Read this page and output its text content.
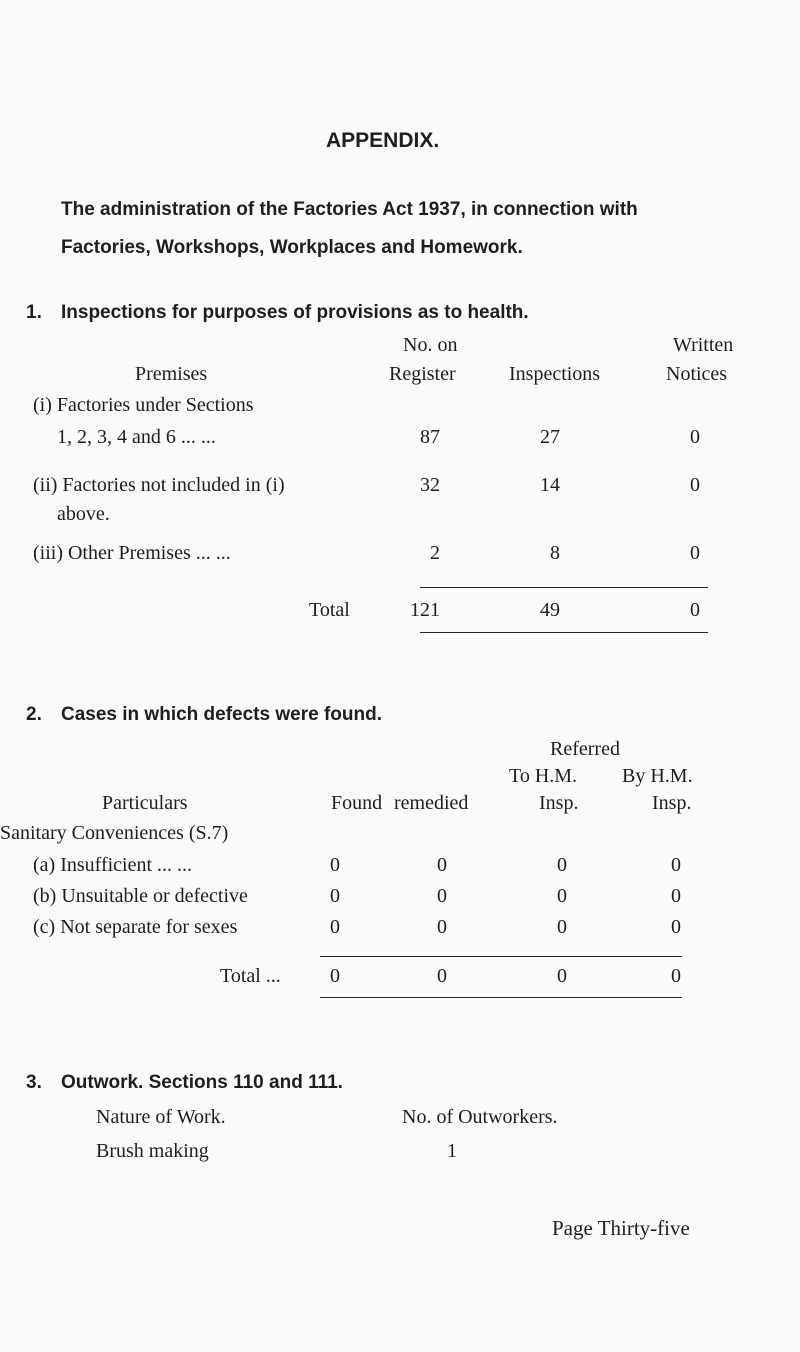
APPENDIX.
The administration of the Factories Act 1937, in connection with
Factories, Workshops, Workplaces and Homework.
1. Inspections for purposes of provisions as to health.
No. on	Written
Premises	Register	Inspections	Notices
(i) Factories under Sections
1, 2, 3, 4 and 6 ... ...	87	27	0
(ii) Factories not included in (i)
above.
32	14	0
(iii) Other Premises ... ...	2	8	0
Total	121	49	0
2. Cases in which defects were found.
Referred
To H.M. By H.M.
Particulars	Found remedied	Insp.	Insp.
Sanitary Conveniences (S.7)
(a) Insufficient ... ...	0	0	0	0
(b) Unsuitable or defective	0	0	0	0
(c) Not separate for sexes	0	0	0	0
Total ... 0	0	0	0
3. Outwork. Sections 110 and 111.
Nature of Work.	No. of Outworkers.
Brush making	1
Page Thirty-five
